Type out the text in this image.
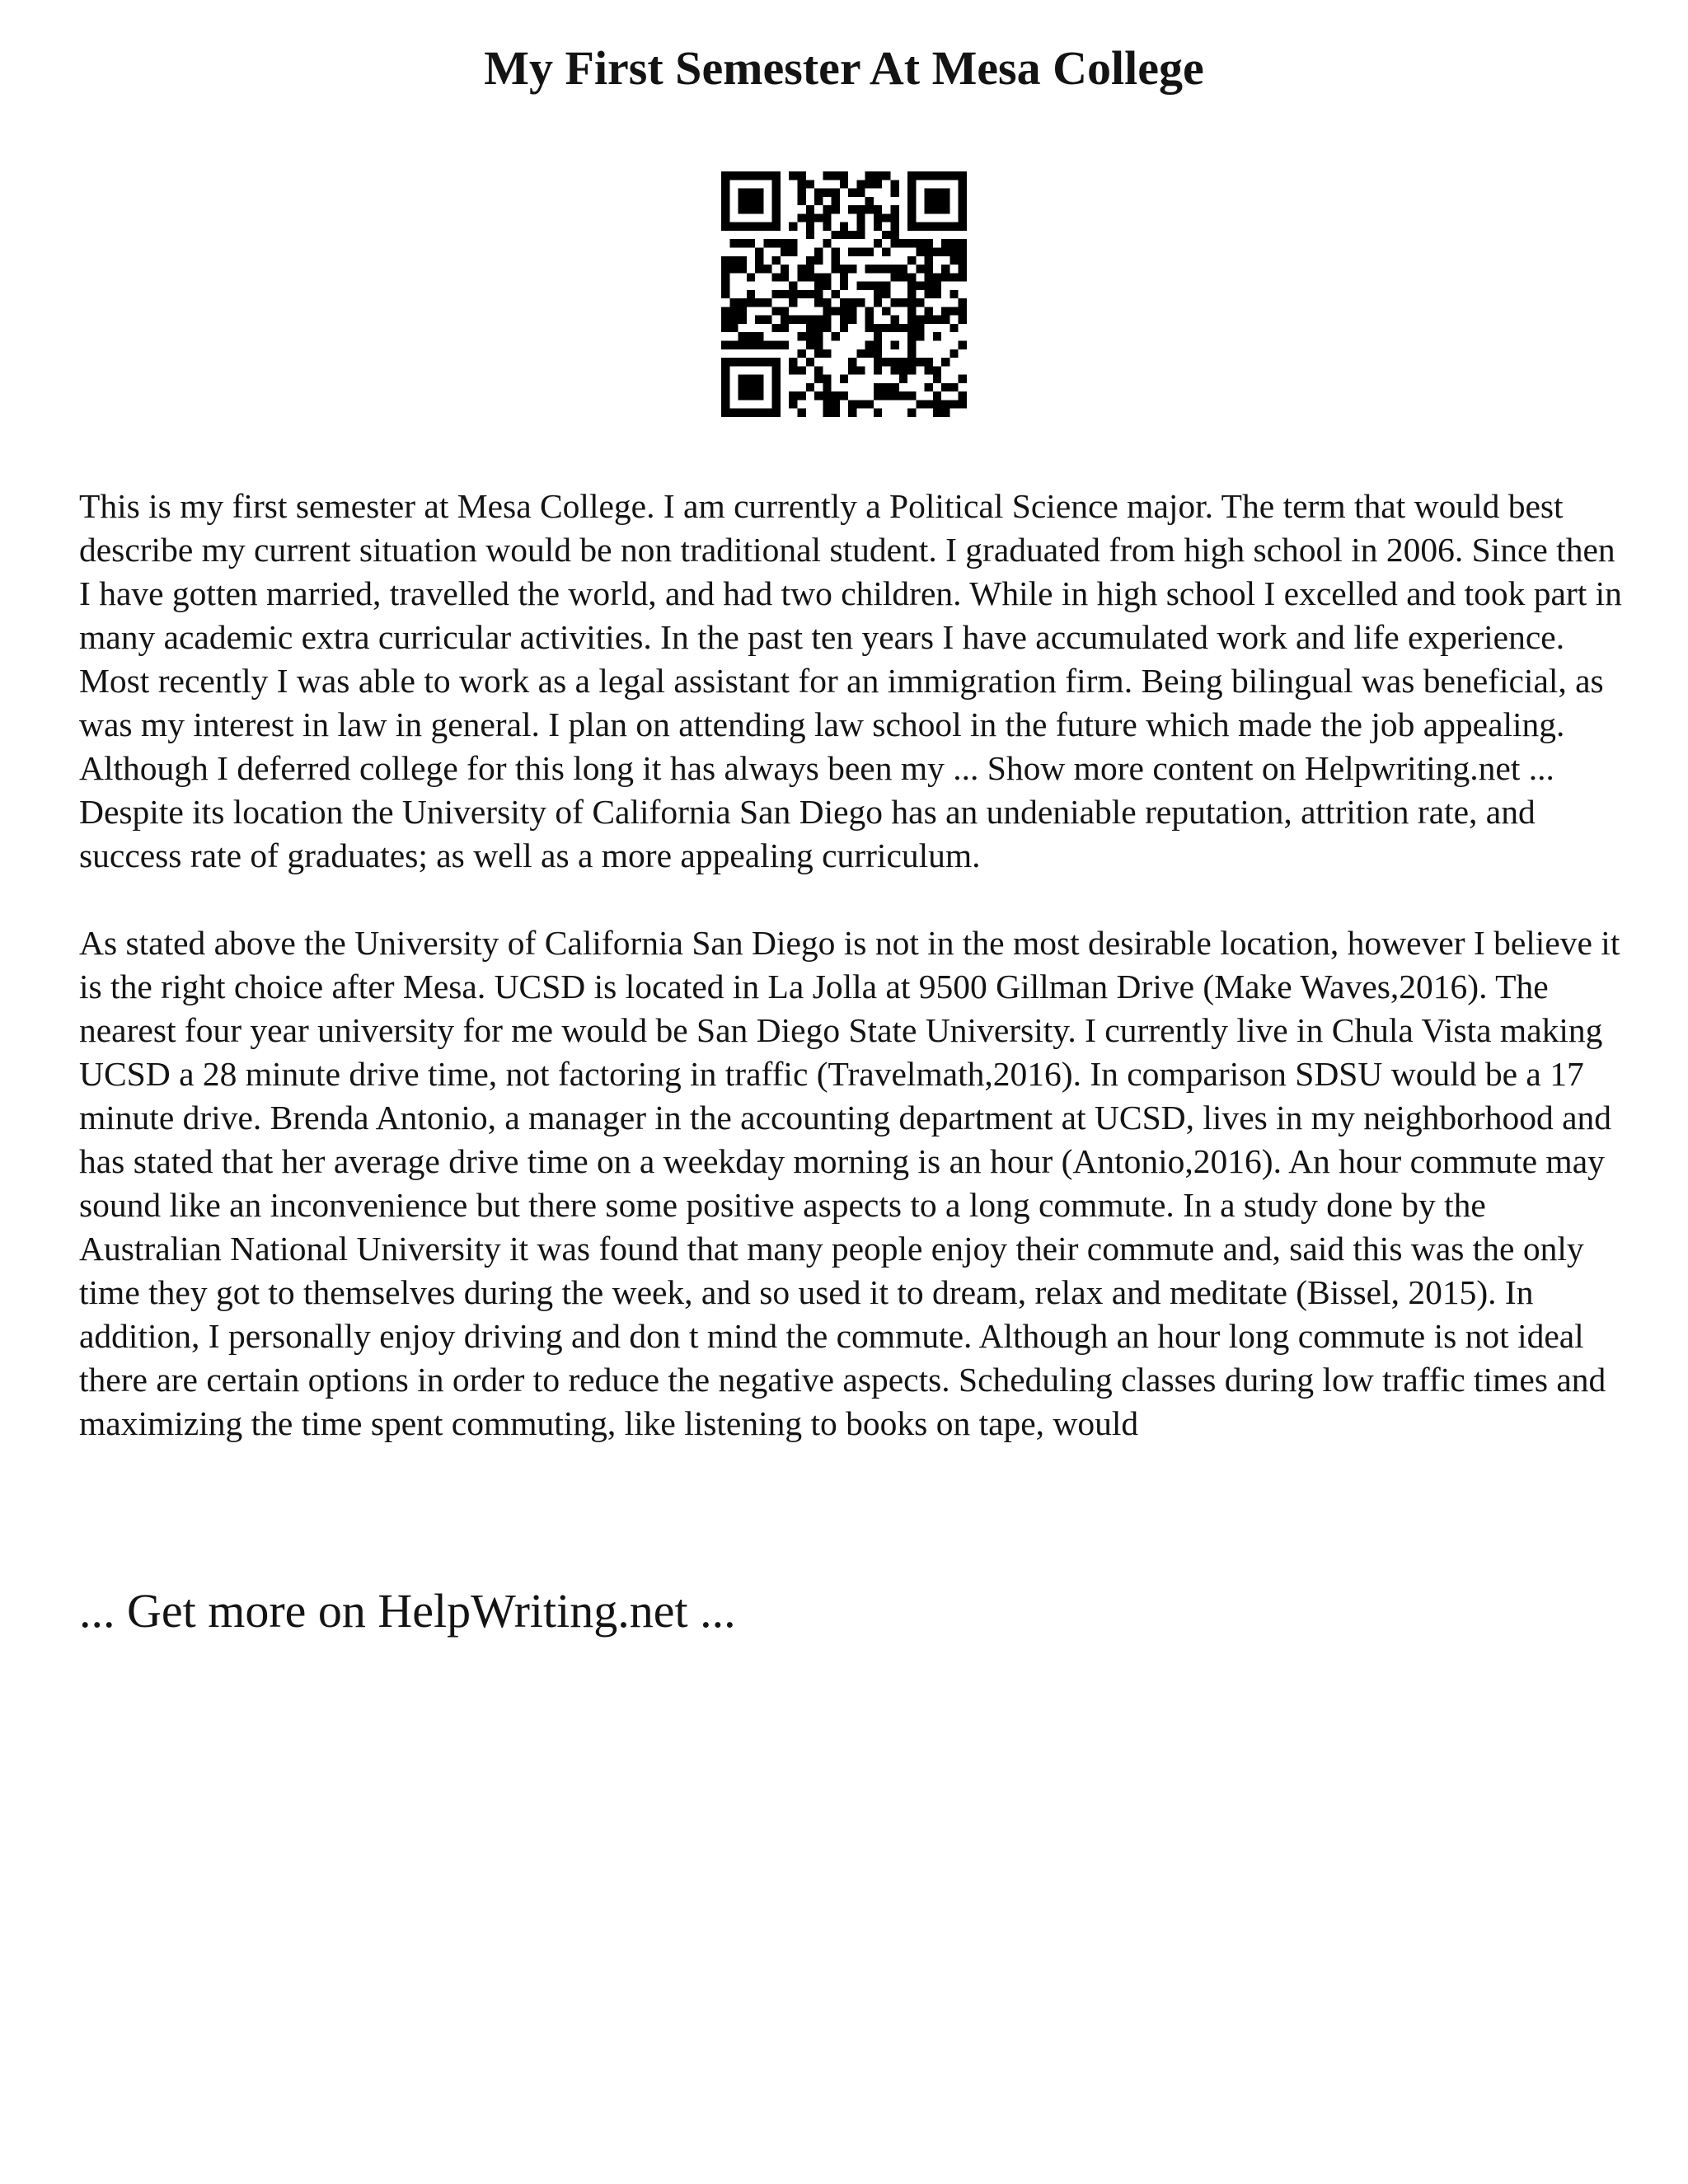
My First Semester At Mesa College

This is my first semester at Mesa College. I am currently a Political Science major. The term that would best describe my current situation would be non traditional student. I graduated from high school in 2006. Since then I have gotten married, travelled the world, and had two children. While in high school I excelled and took part in many academic extra curricular activities. In the past ten years I have accumulated work and life experience. Most recently I was able to work as a legal assistant for an immigration firm. Being bilingual was beneficial, as was my interest in law in general. I plan on attending law school in the future which made the job appealing. Although I deferred college for this long it has always been my ... Show more content on Helpwriting.net ...

Despite its location the University of California San Diego has an undeniable reputation, attrition rate, and success rate of graduates; as well as a more appealing curriculum.

As stated above the University of California San Diego is not in the most desirable location, however I believe it is the right choice after Mesa. UCSD is located in La Jolla at 9500 Gillman Drive (Make Waves,2016). The nearest four year university for me would be San Diego State University. I currently live in Chula Vista making UCSD a 28 minute drive time, not factoring in traffic (Travelmath,2016). In comparison SDSU would be a 17 minute drive. Brenda Antonio, a manager in the accounting department at UCSD, lives in my neighborhood and has stated that her average drive time on a weekday morning is an hour (Antonio,2016). An hour commute may sound like an inconvenience but there some positive aspects to a long commute. In a study done by the Australian National University it was found that many people enjoy their commute and, said this was the only time they got to themselves during the week, and so used it to dream, relax and meditate (Bissel, 2015). In addition, I personally enjoy driving and don t mind the commute. Although an hour long commute is not ideal there are certain options in order to reduce the negative aspects. Scheduling classes during low traffic times and maximizing the time spent commuting, like listening to books on tape, would

... Get more on HelpWriting.net ...
